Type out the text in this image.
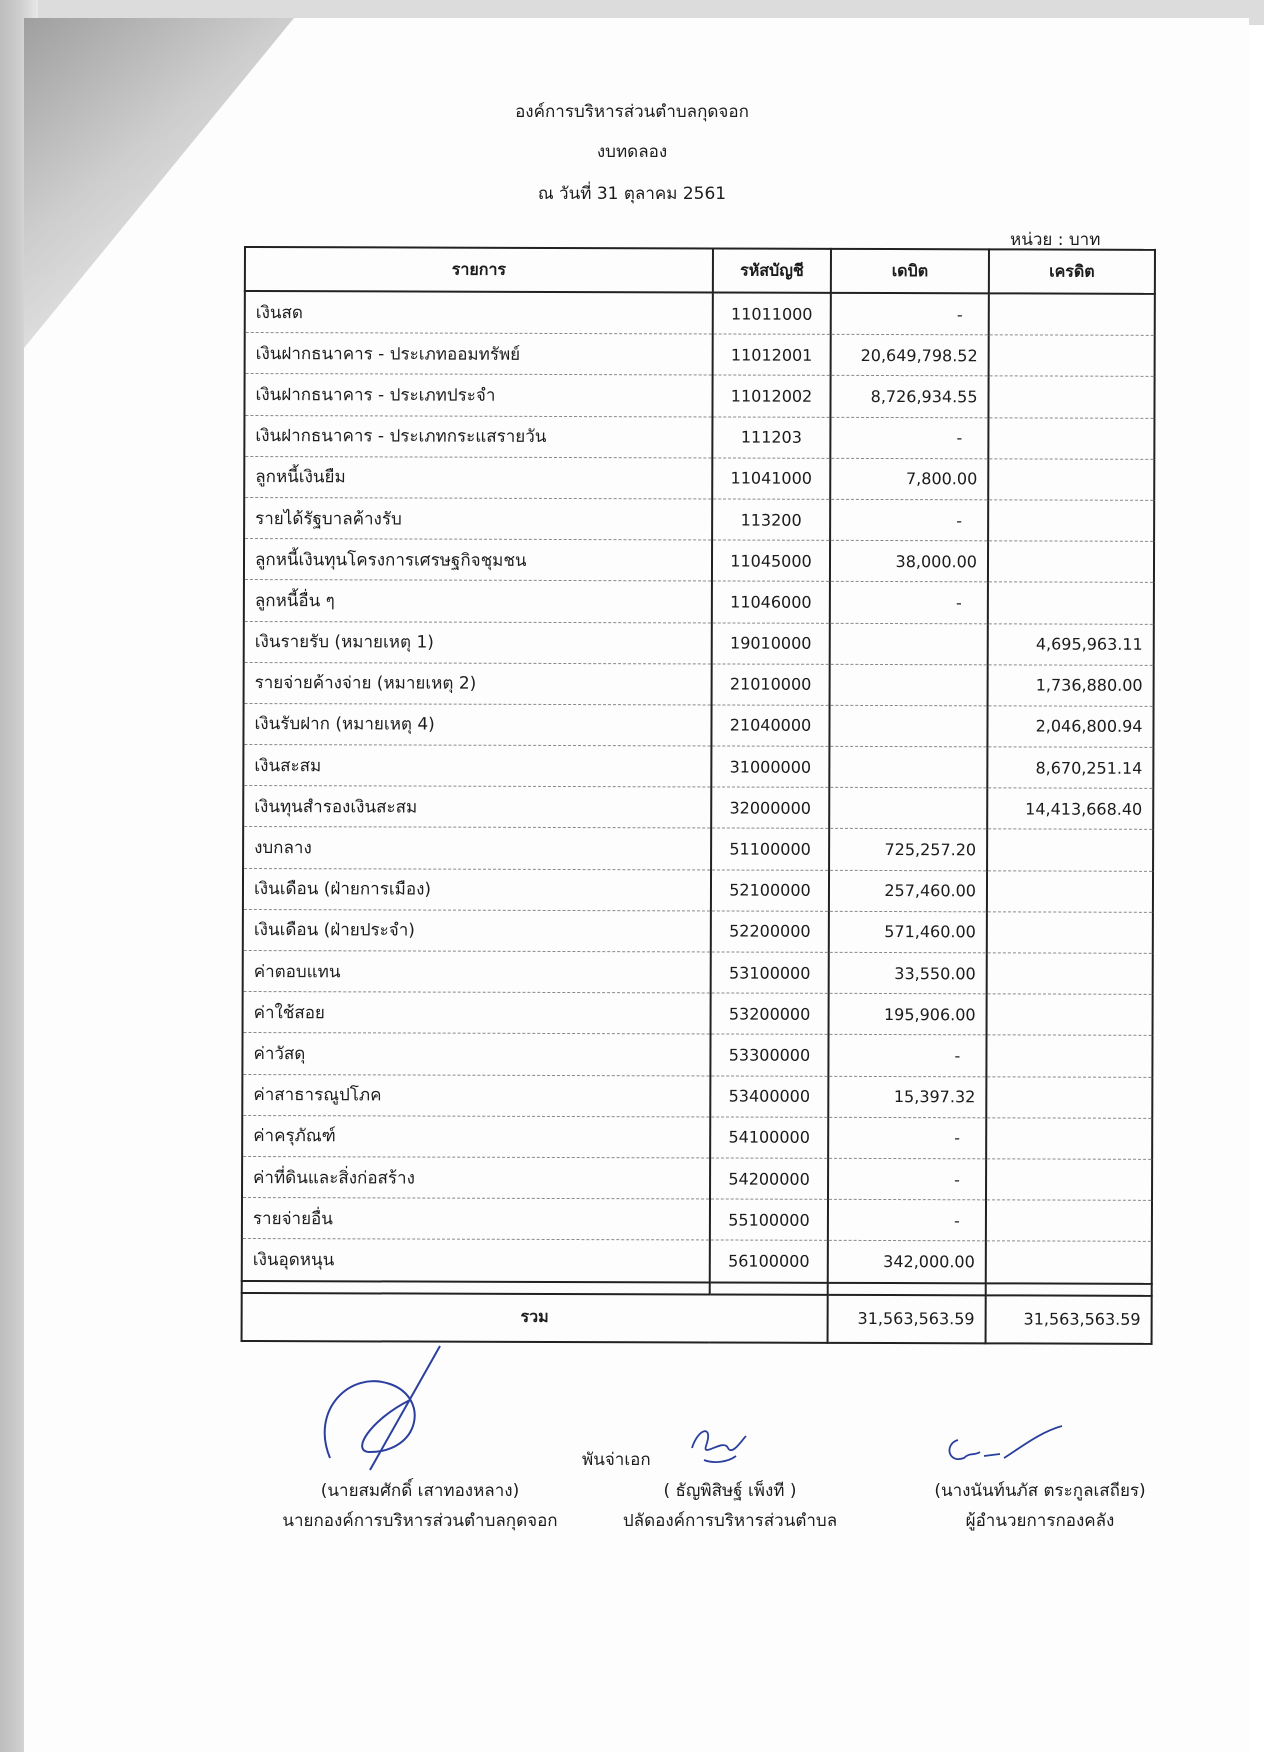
องค์การบริหารส่วนตำบลกุดจอก
งบทดลอง
ณ วันที่ 31 ตุลาคม 2561
หน่วย : บาท
รายการ	รหัสบัญชี	เดบิต	เครดิต
เงินสด	11011000	-	
เงินฝากธนาคาร - ประเภทออมทรัพย์	11012001	20,649,798.52	
เงินฝากธนาคาร - ประเภทประจำ	11012002	8,726,934.55	
เงินฝากธนาคาร - ประเภทกระแสรายวัน	111203	-	
ลูกหนี้เงินยืม	11041000	7,800.00	
รายได้รัฐบาลค้างรับ	113200	-	
ลูกหนี้เงินทุนโครงการเศรษฐกิจชุมชน	11045000	38,000.00	
ลูกหนี้อื่น ๆ	11046000	-	
เงินรายรับ (หมายเหตุ 1)	19010000		4,695,963.11
รายจ่ายค้างจ่าย (หมายเหตุ 2)	21010000		1,736,880.00
เงินรับฝาก (หมายเหตุ 4)	21040000		2,046,800.94
เงินสะสม	31000000		8,670,251.14
เงินทุนสำรองเงินสะสม	32000000		14,413,668.40
งบกลาง	51100000	725,257.20	
เงินเดือน (ฝ่ายการเมือง)	52100000	257,460.00	
เงินเดือน (ฝ่ายประจำ)	52200000	571,460.00	
ค่าตอบแทน	53100000	33,550.00	
ค่าใช้สอย	53200000	195,906.00	
ค่าวัสดุ	53300000	-	
ค่าสาธารณูปโภค	53400000	15,397.32	
ค่าครุภัณฑ์	54100000	-	
ค่าที่ดินและสิ่งก่อสร้าง	54200000	-	
รายจ่ายอื่น	55100000	-	
เงินอุดหนุน	56100000	342,000.00	

รวม		31,563,563.59	31,563,563.59
พันจ่าเอก
(นายสมศักดิ์ เสาทองหลาง)
นายกองค์การบริหารส่วนตำบลกุดจอก
( ธัญพิสิษฐ์ เพ็งที )
ปลัดองค์การบริหารส่วนตำบล
(นางนันท์นภัส ตระกูลเสถียร)
ผู้อำนวยการกองคลัง
